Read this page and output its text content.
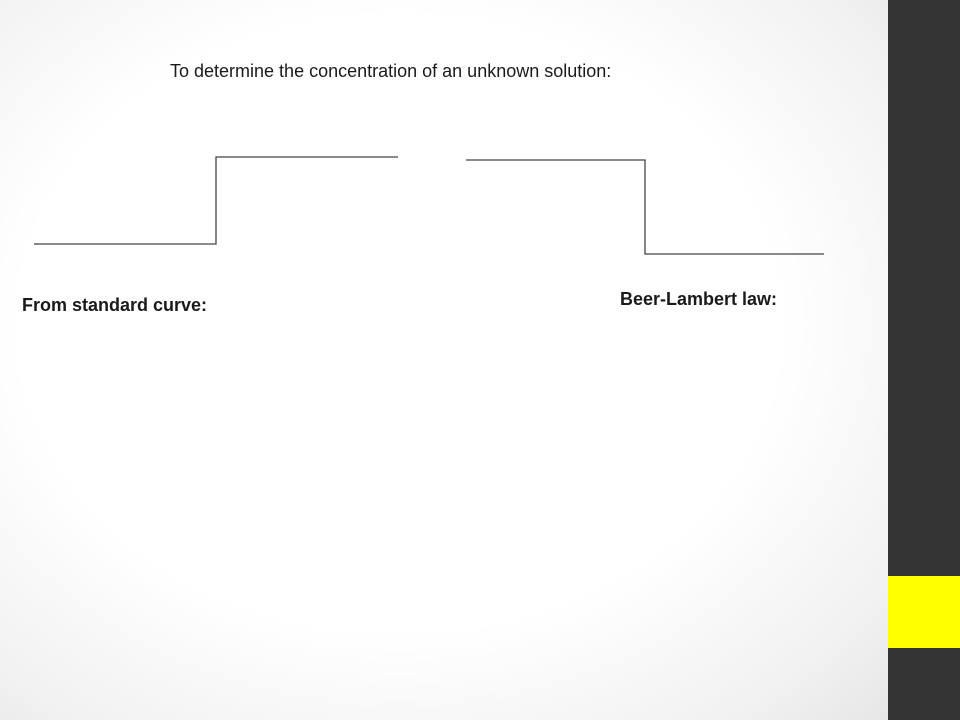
To determine the concentration of an unknown solution:
From standard curve:	Beer-Lambert law:
